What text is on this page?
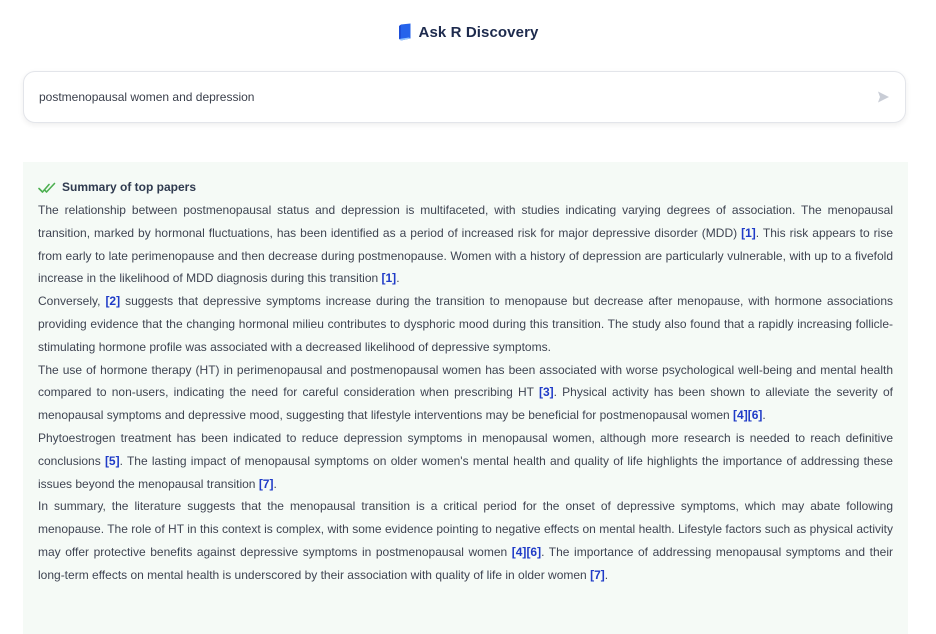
Ask R Discovery
postmenopausal women and depression
Summary of top papers

The relationship between postmenopausal status and depression is multifaceted, with studies indicating varying degrees of association. The menopausal transition, marked by hormonal fluctuations, has been identified as a period of increased risk for major depressive disorder (MDD) [1]. This risk appears to rise from early to late perimenopause and then decrease during postmenopause. Women with a history of depression are particularly vulnerable, with up to a fivefold increase in the likelihood of MDD diagnosis during this transition [1].

Conversely, [2] suggests that depressive symptoms increase during the transition to menopause but decrease after menopause, with hormone associations providing evidence that the changing hormonal milieu contributes to dysphoric mood during this transition. The study also found that a rapidly increasing follicle-stimulating hormone profile was associated with a decreased likelihood of depressive symptoms.

The use of hormone therapy (HT) in perimenopausal and postmenopausal women has been associated with worse psychological well-being and mental health compared to non-users, indicating the need for careful consideration when prescribing HT [3]. Physical activity has been shown to alleviate the severity of menopausal symptoms and depressive mood, suggesting that lifestyle interventions may be beneficial for postmenopausal women [4][6].

Phytoestrogen treatment has been indicated to reduce depression symptoms in menopausal women, although more research is needed to reach definitive conclusions [5]. The lasting impact of menopausal symptoms on older women's mental health and quality of life highlights the importance of addressing these issues beyond the menopausal transition [7].

In summary, the literature suggests that the menopausal transition is a critical period for the onset of depressive symptoms, which may abate following menopause. The role of HT in this context is complex, with some evidence pointing to negative effects on mental health. Lifestyle factors such as physical activity may offer protective benefits against depressive symptoms in postmenopausal women [4][6]. The importance of addressing menopausal symptoms and their long-term effects on mental health is underscored by their association with quality of life in older women [7].
